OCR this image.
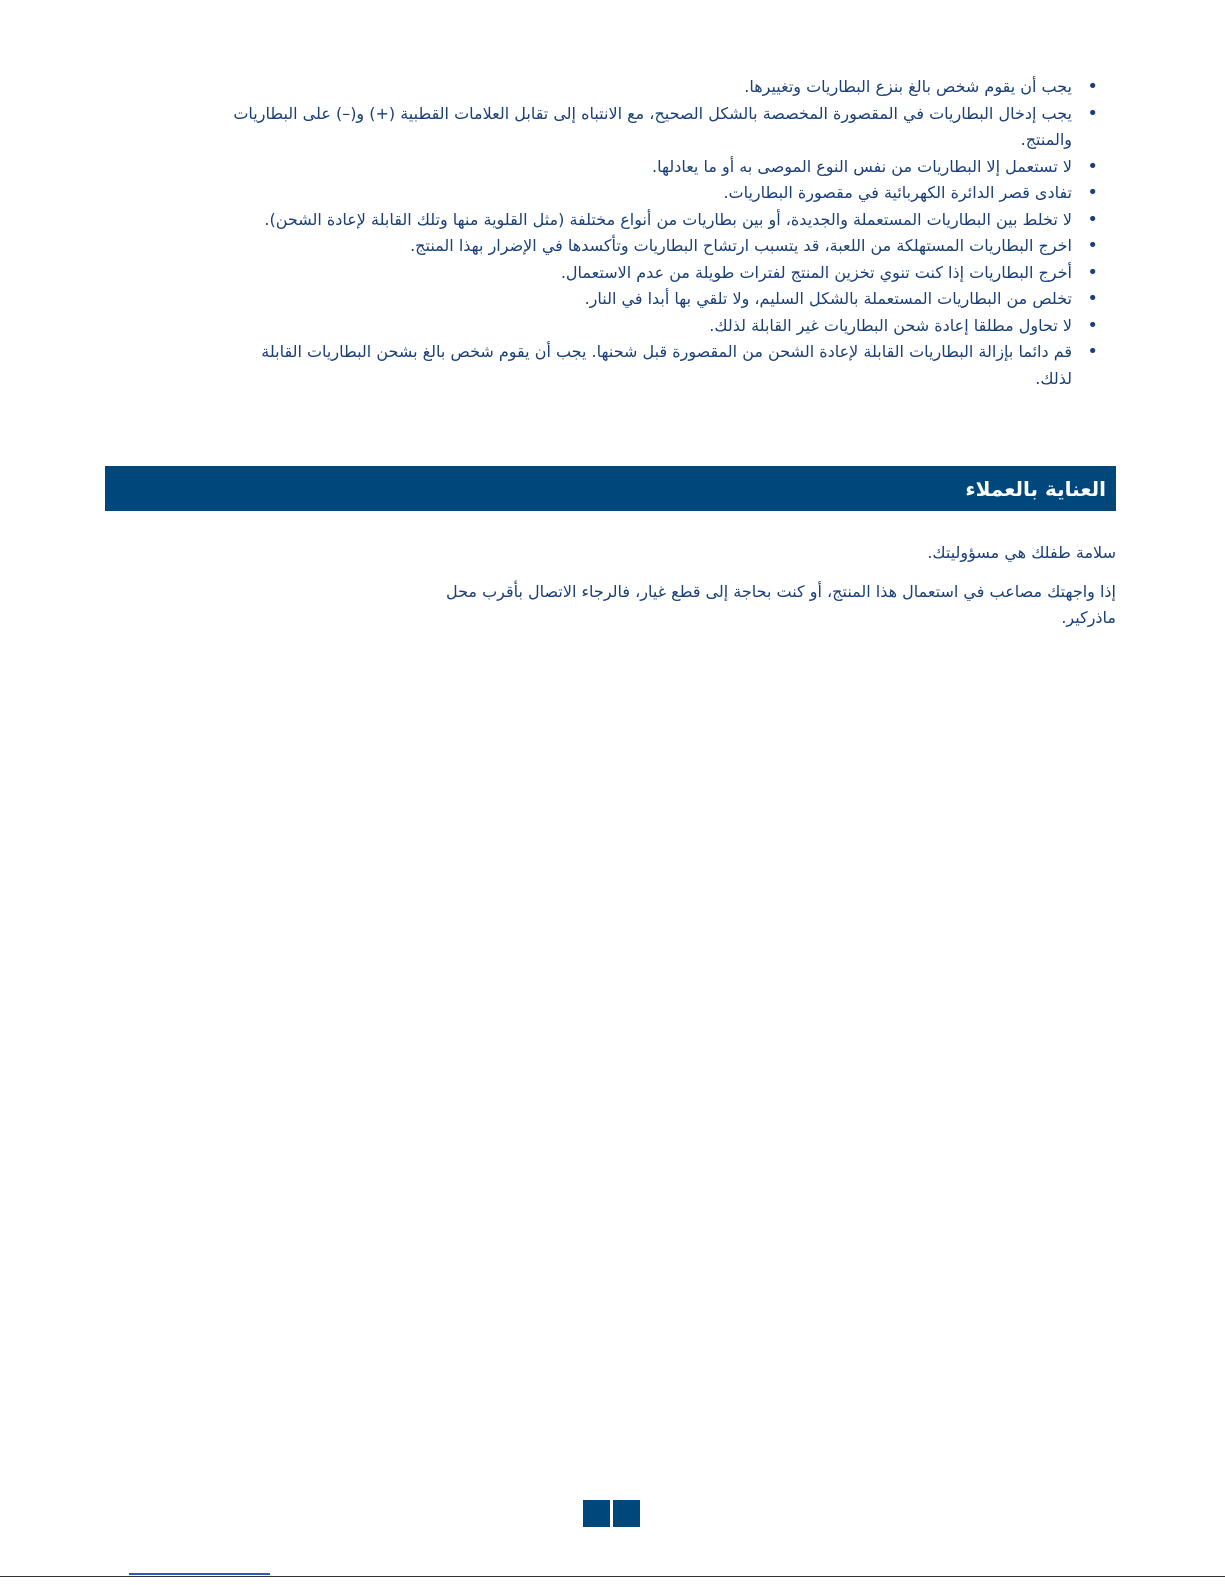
•
يجب أن يقوم شخص بالغ بنزع البطاريات وتغييرها.
•
يجب إدخال البطاريات في المقصورة المخصصة بالشكل الصحيح، مع الانتباه إلى تقابل العلامات القطبية (+) و(–) على البطاريات والمنتج.
•
لا تستعمل إلا البطاريات من نفس النوع الموصى به أو ما يعادلها.
•
تفادى قصر الدائرة الكهربائية في مقصورة البطاريات.
•
لا تخلط بين البطاريات المستعملة والجديدة، أو بين بطاريات من أنواع مختلفة (مثل القلوية منها وتلك القابلة لإعادة الشحن).
•
اخرج البطاريات المستهلكة من اللعبة، قد يتسبب ارتشاح البطاريات وتأكسدها في الإضرار بهذا المنتج.
•
أخرج البطاريات إذا كنت تنوي تخزين المنتج لفترات طويلة من عدم الاستعمال.
•
تخلص من البطاريات المستعملة بالشكل السليم، ولا تلقي بها أبدا في النار.
•
لا تحاول مطلقا إعادة شحن البطاريات غير القابلة لذلك.
•
قم دائما بإزالة البطاريات القابلة لإعادة الشحن من المقصورة قبل شحنها. يجب أن يقوم شخص بالغ بشحن البطاريات القابلة لذلك.
العناية بالعملاء

سلامة طفلك هي مسؤوليتك.

إذا واجهتك مصاعب في استعمال هذا المنتج، أو كنت بحاجة إلى قطع غيار، فالرجاء الاتصال بأقرب محل ماذركير.
